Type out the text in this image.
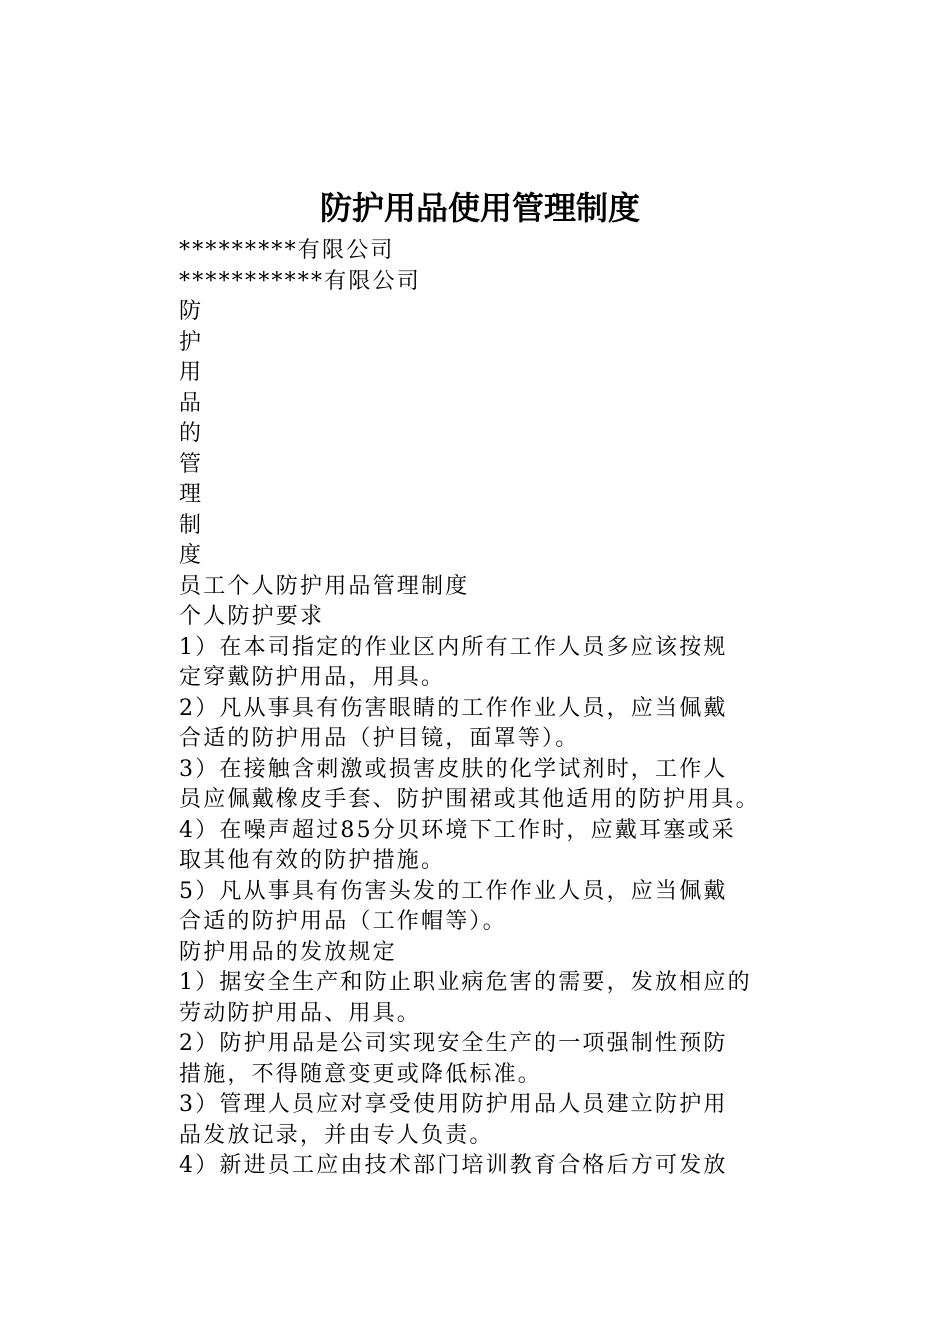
防护用品使用管理制度
*********有限公司
***********有限公司
防
护
用
品
的
管
理
制
度
员工个人防护用品管理制度
个人防护要求
1）在本司指定的作业区内所有工作人员多应该按规
定穿戴防护用品，用具。
2）凡从事具有伤害眼睛的工作作业人员，应当佩戴
合适的防护用品（护目镜，面罩等）。
3）在接触含刺激或损害皮肤的化学试剂时，工作人
员应佩戴橡皮手套、防护围裙或其他适用的防护用具。
4）在噪声超过85分贝环境下工作时，应戴耳塞或采
取其他有效的防护措施。
5）凡从事具有伤害头发的工作作业人员，应当佩戴
合适的防护用品（工作帽等）。
防护用品的发放规定
1）据安全生产和防止职业病危害的需要，发放相应的
劳动防护用品、用具。
2）防护用品是公司实现安全生产的一项强制性预防
措施，不得随意变更或降低标准。
3）管理人员应对享受使用防护用品人员建立防护用
品发放记录，并由专人负责。
4）新进员工应由技术部门培训教育合格后方可发放
